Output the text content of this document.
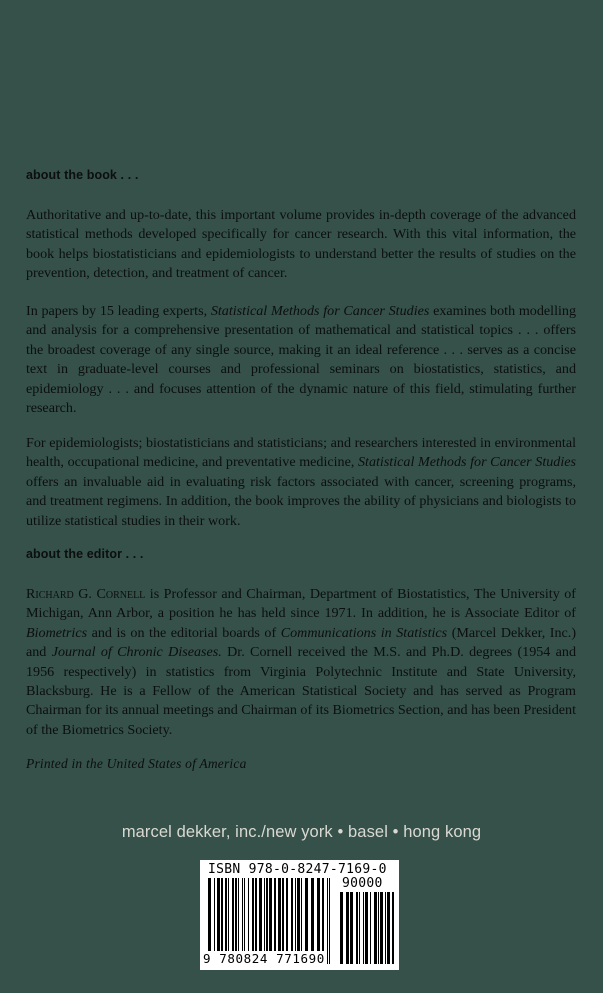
about the book . . .

Authoritative and up-to-date, this important volume provides in-depth coverage of the advanced statistical methods developed specifically for cancer research. With this vital information, the book helps biostatisticians and epidemiologists to understand better the results of studies on the prevention, detection, and treatment of cancer.

In papers by 15 leading experts, Statistical Methods for Cancer Studies examines both modelling and analysis for a comprehensive presentation of mathematical and statistical topics . . . offers the broadest coverage of any single source, making it an ideal reference . . . serves as a concise text in graduate-level courses and professional seminars on biostatistics, statistics, and epidemiology . . . and focuses attention of the dynamic nature of this field, stimulating further research.

For epidemiologists; biostatisticians and statisticians; and researchers interested in environmental health, occupational medicine, and preventative medicine, Statistical Methods for Cancer Studies offers an invaluable aid in evaluating risk factors associated with cancer, screening programs, and treatment regimens. In addition, the book improves the ability of physicians and biologists to utilize statistical studies in their work.

about the editor . . .

Richard G. Cornell is Professor and Chairman, Department of Biostatistics, The University of Michigan, Ann Arbor, a position he has held since 1971. In addition, he is Associate Editor of Biometrics and is on the editorial boards of Communications in Statistics (Marcel Dekker, Inc.) and Journal of Chronic Diseases. Dr. Cornell received the M.S. and Ph.D. degrees (1954 and 1956 respectively) in statistics from Virginia Polytechnic Institute and State University, Blacksburg. He is a Fellow of the American Statistical Society and has served as Program Chairman for its annual meetings and Chairman of its Biometrics Section, and has been President of the Biometrics Society.

Printed in the United States of America
marcel dekker, inc./new york • basel • hong kong
ISBN 978-0-8247-7169-0
90000
9 780824 771690
